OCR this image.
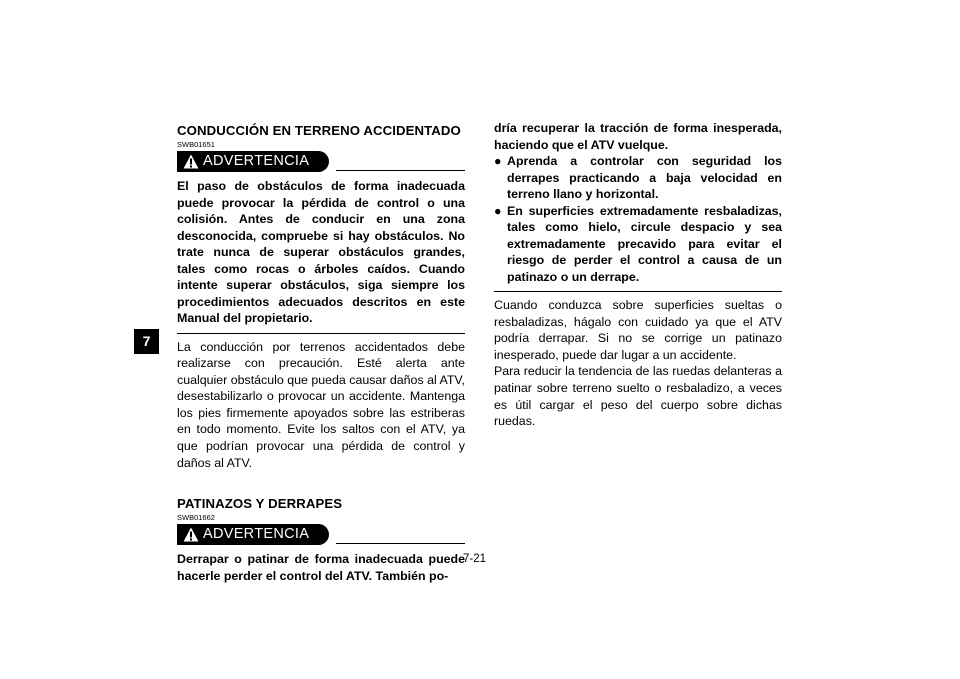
7
CONDUCCIÓN EN TERRENO ACCIDENTADO
SWB01651
ADVERTENCIA

El paso de obstáculos de forma inadecuada puede provocar la pérdida de control o una colisión. Antes de conducir en una zona desconocida, compruebe si hay obstáculos. No trate nunca de superar obstáculos grandes, tales como rocas o árboles caídos. Cuando intente superar obstáculos, siga siempre los procedimientos adecuados descritos en este Manual del propietario.

La conducción por terrenos accidentados debe realizarse con precaución. Esté alerta ante cualquier obstáculo que pueda causar daños al ATV, desestabilizarlo o provocar un accidente. Mantenga los pies firmemente apoyados sobre las estriberas en todo momento. Evite los saltos con el ATV, ya que podrían provocar una pérdida de control y daños al ATV.

PATINAZOS Y DERRAPES
SWB01662
ADVERTENCIA

Derrapar o patinar de forma inadecuada puede hacerle perder el control del ATV. También po-

dría recuperar la tracción de forma inesperada, haciendo que el ATV vuelque.

● Aprenda a controlar con seguridad los derrapes practicando a baja velocidad en terreno llano y horizontal.
● En superficies extremadamente resbaladizas, tales como hielo, circule despacio y sea extremadamente precavido para evitar el riesgo de perder el control a causa de un patinazo o un derrape.

Cuando conduzca sobre superficies sueltas o resbaladizas, hágalo con cuidado ya que el ATV podría derrapar. Si no se corrige un patinazo inesperado, puede dar lugar a un accidente.

Para reducir la tendencia de las ruedas delanteras a patinar sobre terreno suelto o resbaladizo, a veces es útil cargar el peso del cuerpo sobre dichas ruedas.

7-21
